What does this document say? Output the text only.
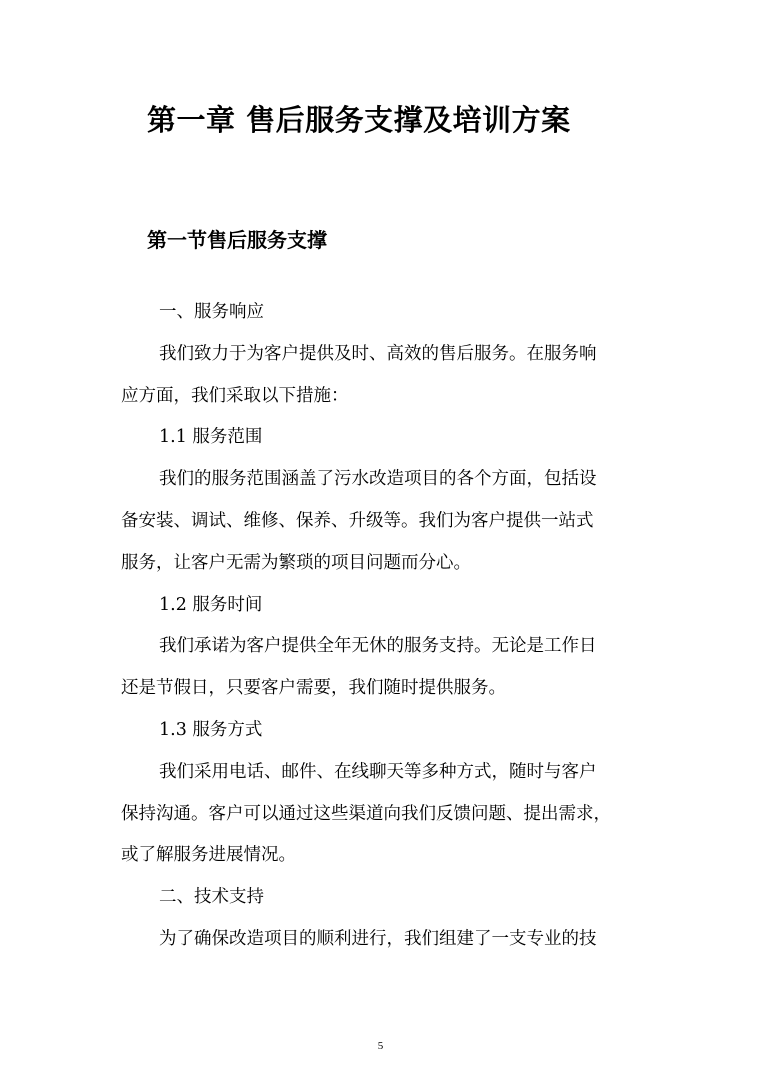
第一章 售后服务支撑及培训方案
第一节售后服务支撑

一、服务响应

我们致力于为客户提供及时、高效的售后服务。在服务响

应方面，我们采取以下措施：

1.1 服务范围

我们的服务范围涵盖了污水改造项目的各个方面，包括设

备安装、调试、维修、保养、升级等。我们为客户提供一站式

服务，让客户无需为繁琐的项目问题而分心。

1.2 服务时间

我们承诺为客户提供全年无休的服务支持。无论是工作日

还是节假日，只要客户需要，我们随时提供服务。

1.3 服务方式

我们采用电话、邮件、在线聊天等多种方式，随时与客户

保持沟通。客户可以通过这些渠道向我们反馈问题、提出需求，

或了解服务进展情况。

二、技术支持

为了确保改造项目的顺利进行，我们组建了一支专业的技

5
